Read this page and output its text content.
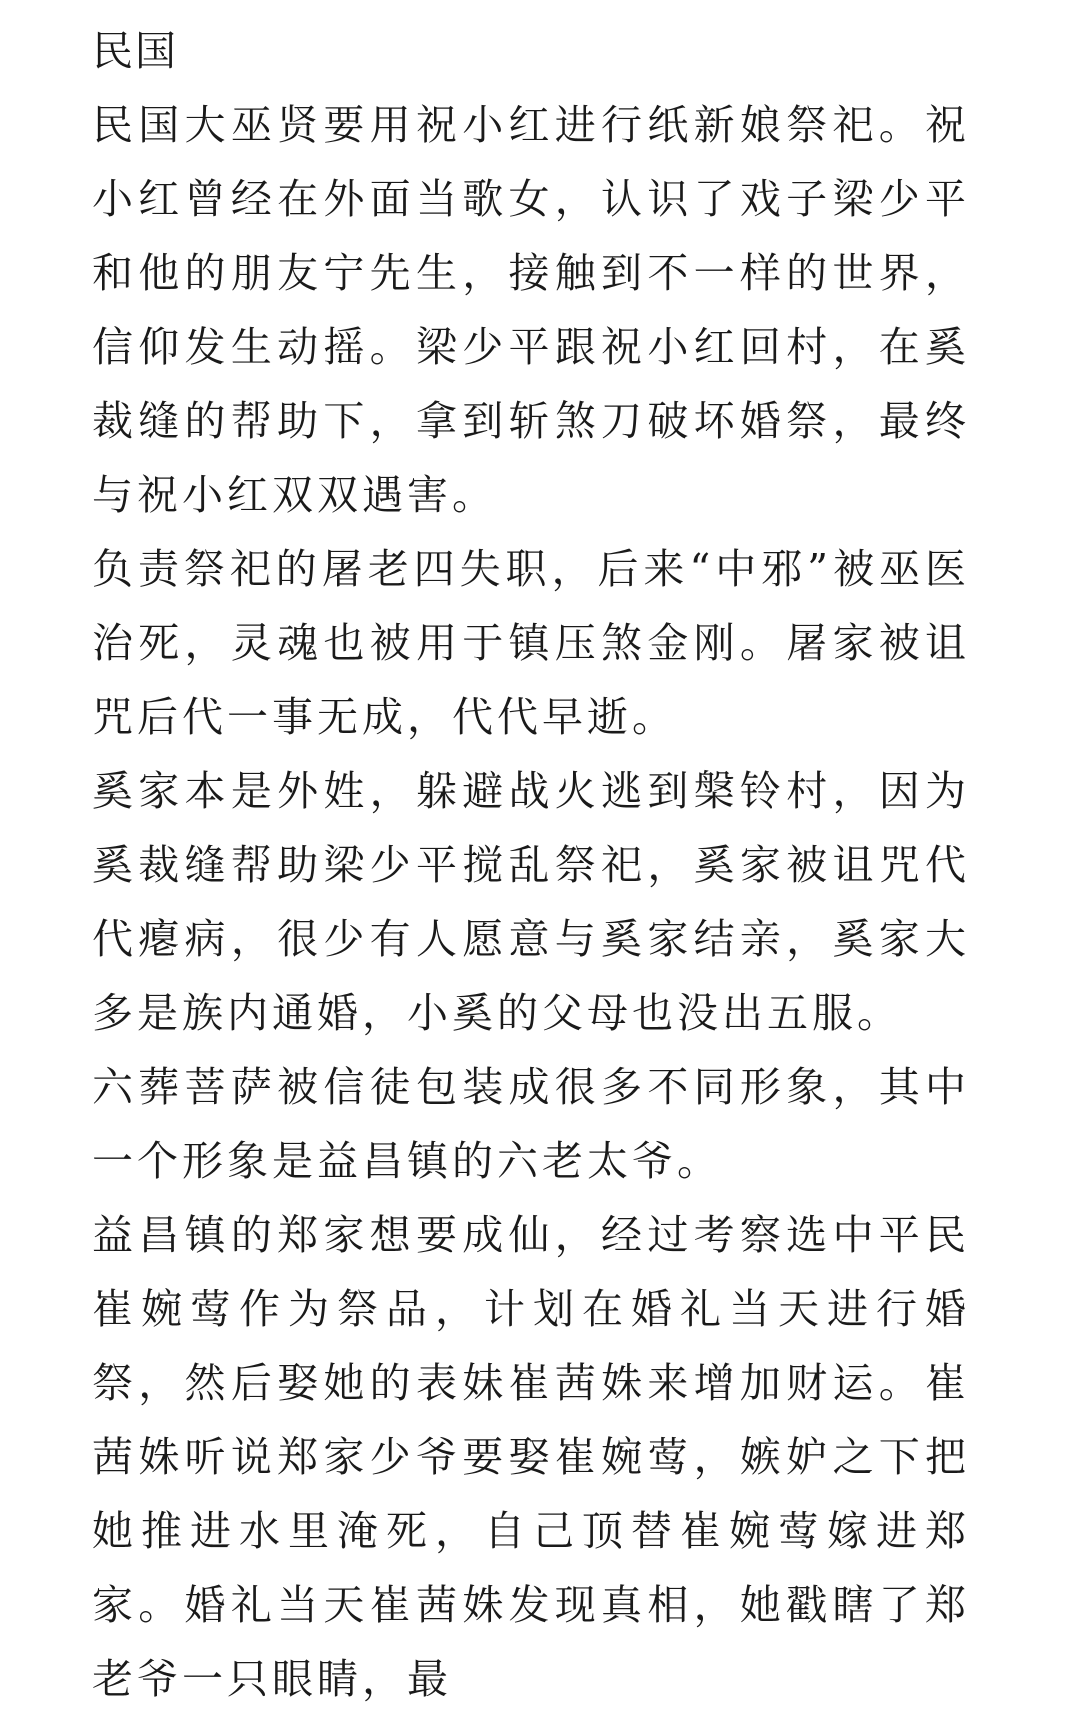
民国

民国大巫贤要用祝小红进行纸新娘祭祀。祝小红曾经在外面当歌女，认识了戏子梁少平和他的朋友宁先生，接触到不一样的世界，信仰发生动摇。梁少平跟祝小红回村，在奚裁缝的帮助下，拿到斩煞刀破坏婚祭，最终与祝小红双双遇害。

负责祭祀的屠老四失职，后来“中邪”被巫医治死，灵魂也被用于镇压煞金刚。屠家被诅咒后代一事无成，代代早逝。

奚家本是外姓，躲避战火逃到槃铃村，因为奚裁缝帮助梁少平搅乱祭祀，奚家被诅咒代代瘪病，很少有人愿意与奚家结亲，奚家大多是族内通婚，小奚的父母也没出五服。

六葬菩萨被信徒包装成很多不同形象，其中一个形象是益昌镇的六老太爷。

益昌镇的郑家想要成仙，经过考察选中平民崔婉莺作为祭品，计划在婚礼当天进行婚祭，然后娶她的表妹崔茜姝来增加财运。崔茜姝听说郑家少爷要娶崔婉莺，嫉妒之下把她推进水里淹死，自己顶替崔婉莺嫁进郑家。婚礼当天崔茜姝发现真相，她戳瞎了郑老爷一只眼睛，最
